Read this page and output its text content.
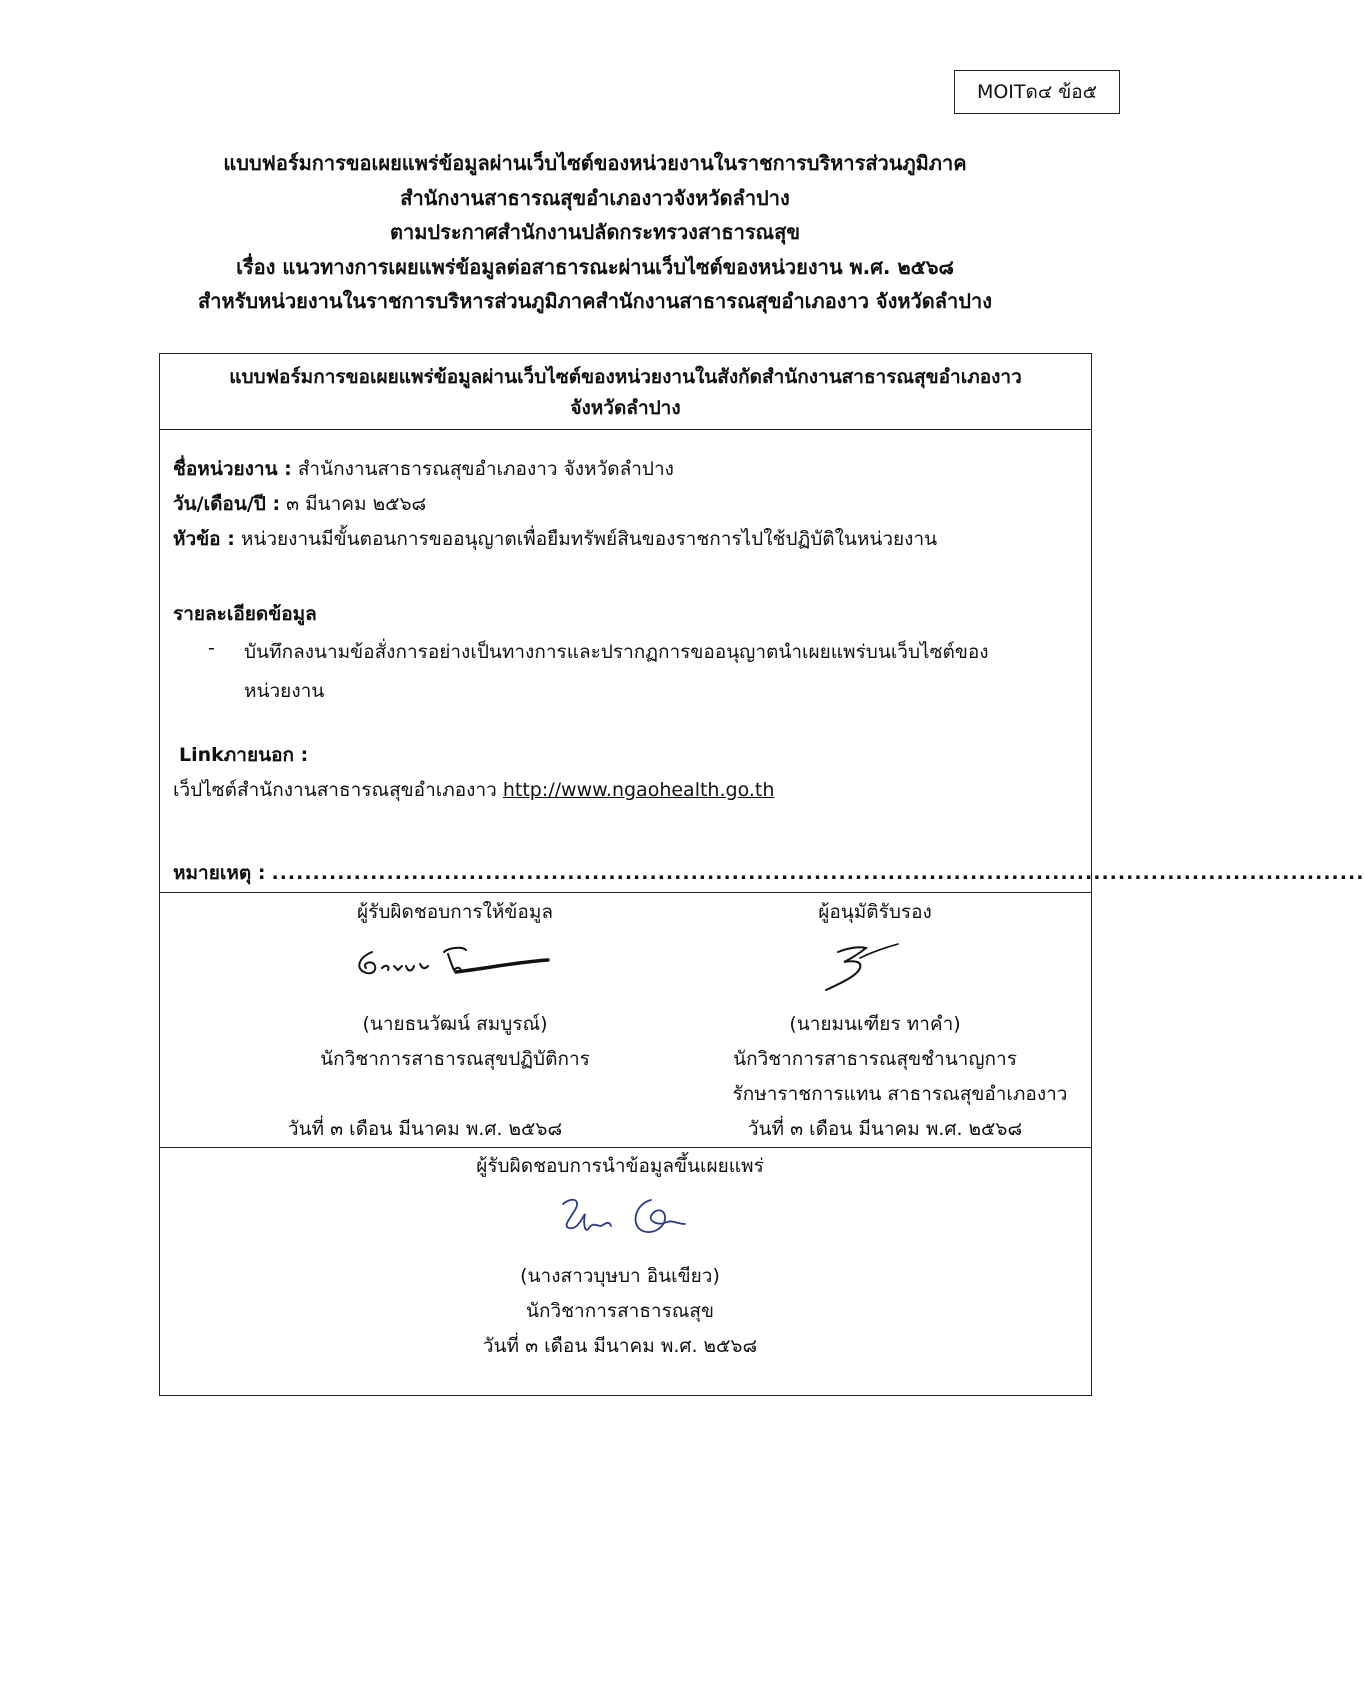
MOITด๔ ข้อ๕
แบบฟอร์มการขอเผยแพร่ข้อมูลผ่านเว็บไซต์ของหน่วยงานในราชการบริหารส่วนภูมิภาค
สำนักงานสาธารณสุขอำเภองาวจังหวัดลำปาง
ตามประกาศสำนักงานปลัดกระทรวงสาธารณสุข
เรื่อง แนวทางการเผยแพร่ข้อมูลต่อสาธารณะผ่านเว็บไซต์ของหน่วยงาน พ.ศ. ๒๕๖๘
สำหรับหน่วยงานในราชการบริหารส่วนภูมิภาคสำนักงานสาธารณสุขอำเภองาว จังหวัดลำปาง
แบบฟอร์มการขอเผยแพร่ข้อมูลผ่านเว็บไซต์ของหน่วยงานในสังกัดสำนักงานสาธารณสุขอำเภองาว
จังหวัดลำปาง
ชื่อหน่วยงาน : สำนักงานสาธารณสุขอำเภองาว จังหวัดลำปาง
วัน/เดือน/ปี : ๓ มีนาคม ๒๕๖๘
หัวข้อ : หน่วยงานมีขั้นตอนการขออนุญาตเพื่อยืมทรัพย์สินของราชการไปใช้ปฏิบัติในหน่วยงาน
รายละเอียดข้อมูล
- บันทึกลงนามข้อสั่งการอย่างเป็นทางการและปรากฏการขออนุญาตนำเผยแพร่บนเว็บไซต์ของ
หน่วยงาน
Linkภายนอก :
เว็ปไซต์สำนักงานสาธารณสุขอำเภองาว http://www.ngaohealth.go.th
หมายเหตุ : .....................................................................................................................................
ผู้รับผิดชอบการให้ข้อมูล
(นายธนวัฒน์ สมบูรณ์)
นักวิชาการสาธารณสุขปฏิบัติการ
วันที่ ๓ เดือน มีนาคม พ.ศ. ๒๕๖๘
ผู้อนุมัติรับรอง
(นายมนเฑียร ทาคำ)
นักวิชาการสาธารณสุขชำนาญการ
รักษาราชการแทน สาธารณสุขอำเภองาว
วันที่ ๓ เดือน มีนาคม พ.ศ. ๒๕๖๘
ผู้รับผิดชอบการนำข้อมูลขึ้นเผยแพร่
(นางสาวบุษบา อินเขียว)
นักวิชาการสาธารณสุข
วันที่ ๓ เดือน มีนาคม พ.ศ. ๒๕๖๘
